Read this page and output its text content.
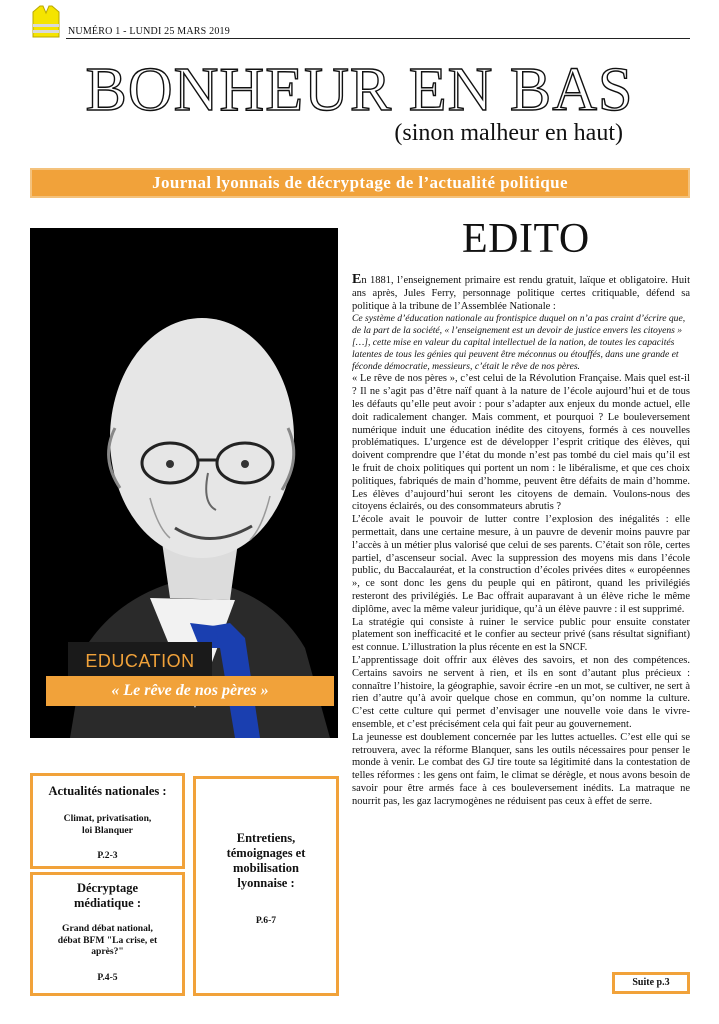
NUMÉRO 1 - LUNDI 25 MARS 2019
BONHEUR EN BAS
(sinon malheur en haut)
Journal lyonnais de décryptage de l’actualité politique
EDUCATION
« Le rêve de nos pères »
EDITO

En 1881, l’enseignement primaire est rendu gratuit, laïque et obligatoire. Huit ans après, Jules Ferry, personnage politique certes critiquable, défend sa politique à la tribune de l’Assemblée Nationale :

Ce système d’éducation nationale au frontispice duquel on n’a pas craint d’écrire que, de la part de la société, « l’enseignement est un devoir de justice envers les citoyens » […], cette mise en valeur du capital intellectuel de la nation, de toutes les capacités latentes de tous les génies qui peuvent être méconnus ou étouffés, dans une grande et féconde démocratie, messieurs, c’était le rêve de nos pères.

« Le rêve de nos pères », c’est celui de la Révolution Française. Mais quel est-il ? Il ne s’agit pas d’être naïf quant à la nature de l’école aujourd’hui et de tous les défauts qu’elle peut avoir : pour s’adapter aux enjeux du monde actuel, elle doit radicalement changer. Mais comment, et pourquoi ? Le bouleversement numérique induit une éducation inédite des citoyens, formés à ces nouvelles problématiques. L’urgence est de développer l’esprit critique des élèves, qui doivent comprendre que l’état du monde n’est pas tombé du ciel mais qu’il est le fruit de choix politiques qui portent un nom : le libéralisme, et que ces choix politiques, fabriqués de main d’homme, peuvent être défaits de main d’homme. Les élèves d’aujourd’hui seront les citoyens de demain. Voulons-nous des citoyens éclairés, ou des consommateurs abrutis ?

L’école avait le pouvoir de lutter contre l’explosion des inégalités : elle permettait, dans une certaine mesure, à un pauvre de devenir moins pauvre par l’accès à un métier plus valorisé que celui de ses parents. C’était son rôle, certes partiel, d’ascenseur social. Avec la suppression des moyens mis dans l’école public, du Baccalauréat, et la construction d’écoles privées dites « européennes », ce sont donc les gens du peuple qui en pâtiront, quand les privilégiés resteront des privilégiés. Le Bac offrait auparavant à un élève riche le même diplôme, avec la même valeur juridique, qu’à un élève pauvre : il est supprimé.

La stratégie qui consiste à ruiner le service public pour ensuite constater platement son inefficacité et le confier au secteur privé (sans résultat signifiant) est connue. L’illustration la plus récente en est la SNCF.

L’apprentissage doit offrir aux élèves des savoirs, et non des compétences. Certains savoirs ne servent à rien, et ils en sont d’autant plus précieux : connaître l’histoire, la géographie, savoir écrire -en un mot, se cultiver, ne sert à rien d’autre qu’à avoir quelque chose en commun, qu’on nomme la culture. C’est cette culture qui permet d’envisager une nouvelle voie dans le vivre-ensemble, et c’est précisément cela qui fait peur au gouvernement.

La jeunesse est doublement concernée par les luttes actuelles. C’est elle qui se retrouvera, avec la réforme Blanquer, sans les outils nécessaires pour penser le monde à venir. Le combat des GJ tire toute sa légitimité dans la contestation de telles réformes : les gens ont faim, le climat se dérègle, et nous avons besoin de savoir pour être armés face à ces bouleversement inédits. La matraque ne nourrit pas, les gaz lacrymogènes ne réduisent pas ceux à effet de serre.

Actualités nationales :
Climat, privatisation,
loi Blanquer
P.2-3
Décryptage
médiatique :
Grand débat national,
débat BFM "La crise, et
après?"
P.4-5
Entretiens,
témoignages et
mobilisation
lyonnaise :
P.6-7
Suite p.3
